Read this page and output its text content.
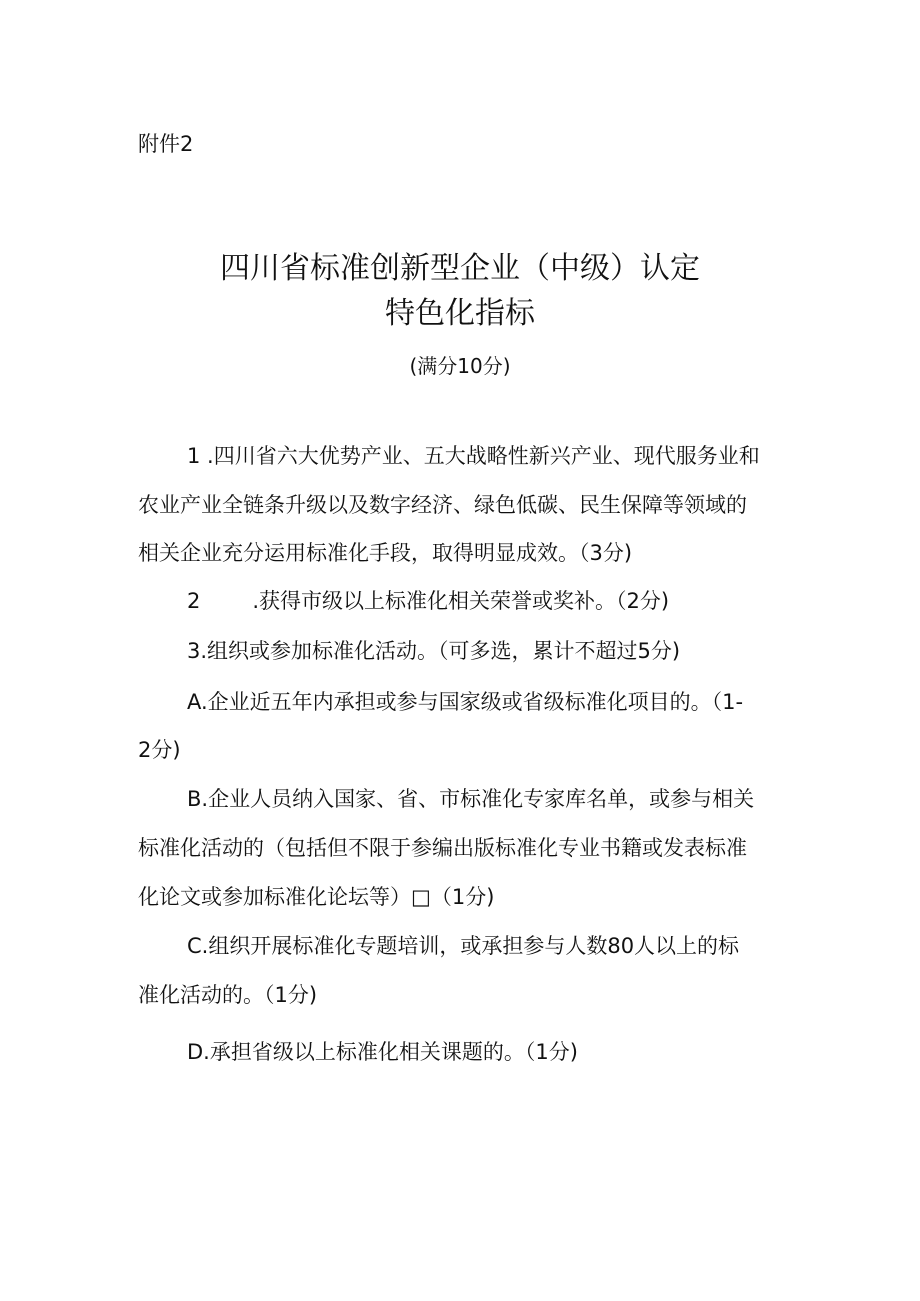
附件2
四川省标准创新型企业（中级）认定
特色化指标
(满分10分)
1 .四川省六大优势产业、五大战略性新兴产业、现代服务业和
农业产业全链条升级以及数字经济、绿色低碳、民生保障等领域的
相关企业充分运用标准化手段，取得明显成效。（3分)
2 .获得市级以上标准化相关荣誉或奖补。（2分)
3.组织或参加标准化活动。（可多选，累计不超过5分)
A.企业近五年内承担或参与国家级或省级标准化项目的。（1-
2分)
B.企业人员纳入国家、省、市标准化专家库名单，或参与相关
标准化活动的（包括但不限于参编出版标准化专业书籍或发表标准
化论文或参加标准化论坛等）□（1分)
C.组织开展标准化专题培训，或承担参与人数80人以上的标
准化活动的。（1分)
D.承担省级以上标准化相关课题的。（1分)
